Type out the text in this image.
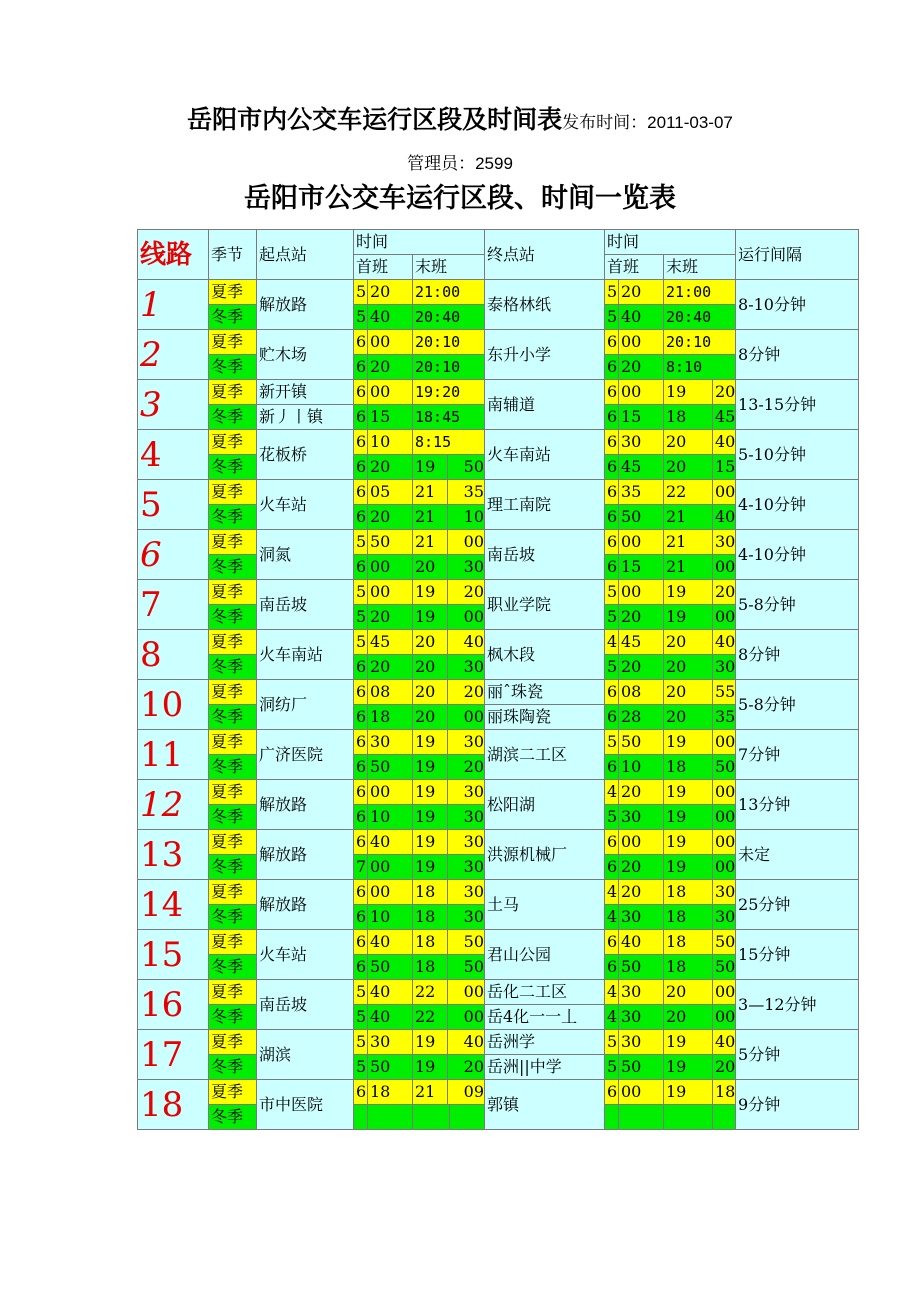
岳阳市内公交车运行区段及时间表发布时间：2011-03-07
管理员：2599
岳阳市公交车运行区段、时间一览表
线路	季节	起点站	时间			终点站	时间				运行间隔
			首班		末班		首班		末班		
1	夏季	解放路	5	20	21:00	泰格林纸	5	20	21:00		8-10分钟
	冬季		5	40	20:40		5	40	20:40		
2	夏季	贮木场	6	00	20:10	东升小学	6	00	20:10		8分钟
	冬季		6	20	20:10		6	20	8:10		
3	夏季	新开镇	6	00	19:20	南辅道	6	00	19	20	13-15分钟
	冬季	新丿丨镇	6	15	18:45		6	15	18	45	
4	夏季	花板桥	6	10	8:15	火车南站	6	30	20	40	5-10分钟
	冬季		6	20	19 50		6	45	20	15	
5	夏季	火车站	6	05	21 35	理工南院	6	35	22	00	4-10分钟
	冬季		6	20	21 10		6	50	21	40	
6	夏季	洞氮	5	50	21 00	南岳坡	6	00	21	30	4-10分钟
	冬季		6	00	20 30		6	15	21	00	
7	夏季	南岳坡	5	00	19 20	职业学院	5	00	19	20	5-8分钟
	冬季		5	20	19 00		5	20	19	00	
8	夏季	火车南站	5	45	20 40	枫木段	4	45	20	40	8分钟
	冬季		6	20	20 30		5	20	20	30	
10	夏季	洞纺厂	6	08	20 20	丽ˆ珠瓷	6	08	20	55	5-8分钟
	冬季		6	18	20 00	丽珠陶瓷	6	28	20	35	
11	夏季	广济医院	6	30	19 30	湖滨二工区	5	50	19	00	7分钟
	冬季		6	50	19 20		6	10	18	50	
12	夏季	解放路	6	00	19 30	松阳湖	4	20	19	00	13分钟
	冬季		6	10	19 30		5	30	19	00	
13	夏季	解放路	6	40	19 30	洪源机械厂	6	00	19	00	未定
	冬季		7	00	19 30		6	20	19	00	
14	夏季	解放路	6	00	18 30	土马	4	20	18	30	25分钟
	冬季		6	10	18 30		4	30	18	30	
15	夏季	火车站	6	40	18 50	君山公园	6	40	18	50	15分钟
	冬季		6	50	18 50		6	50	18	50	
16	夏季	南岳坡	5	40	22 00	岳化二工区	4	30	20	00	3—12分钟
	冬季		5	40	22 00	岳4化一一丄	4	30	20	00	
17	夏季	湖滨	5	30	19 40	岳洲学	5	30	19	40	5分钟
	冬季		5	50	19 20	岳洲||中学	5	50	19	20	
18	夏季	市中医院	6	18	21 09	郭镇	6	00	19	18	9分钟
	冬季						
